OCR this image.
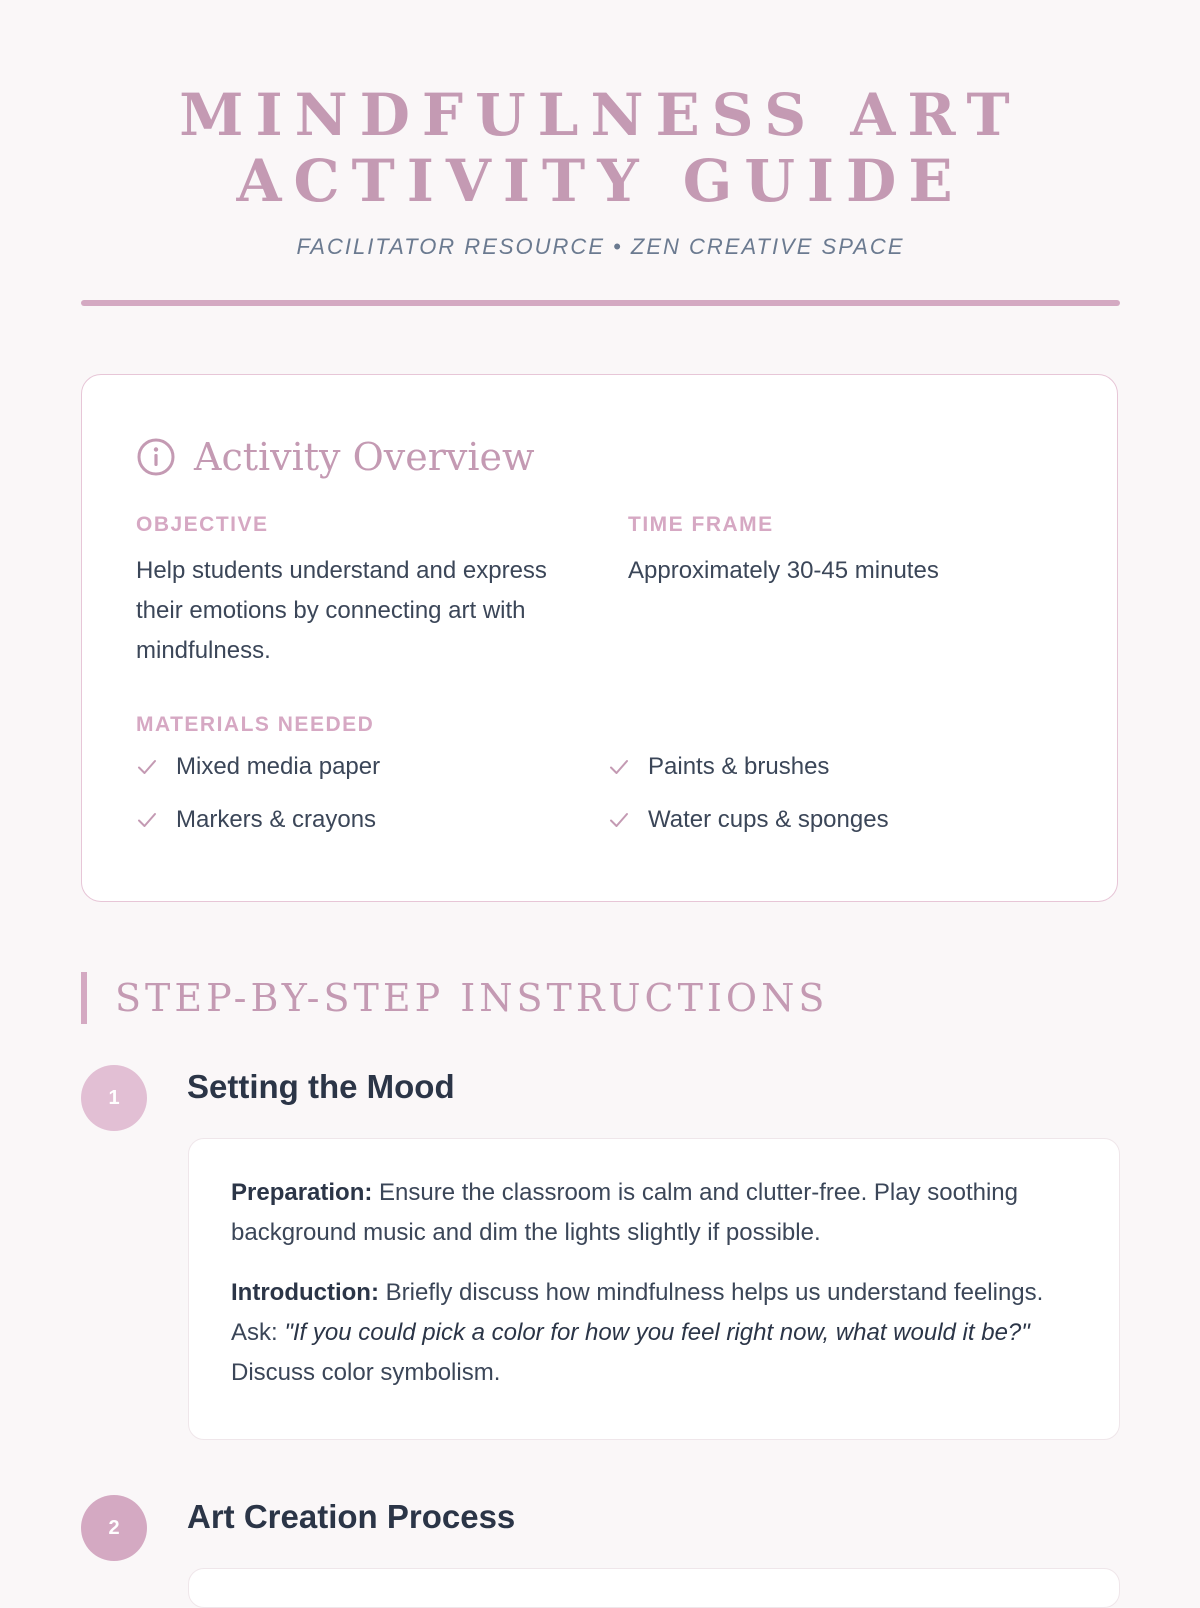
MINDFULNESS ART
ACTIVITY GUIDE
FACILITATOR RESOURCE • ZEN CREATIVE SPACE
Activity Overview
OBJECTIVE
Help students understand and express their emotions by connecting art with mindfulness.
TIME FRAME
Approximately 30-45 minutes
MATERIALS NEEDED
Mixed media paper	Paints & brushes
Markers & crayons	Water cups & sponges
STEP-BY-STEP INSTRUCTIONS
1	Setting the Mood

Preparation: Ensure the classroom is calm and clutter-free. Play soothing background music and dim the lights slightly if possible.

Introduction: Briefly discuss how mindfulness helps us understand feelings. Ask: "If you could pick a color for how you feel right now, what would it be?" Discuss color symbolism.

2	Art Creation Process
